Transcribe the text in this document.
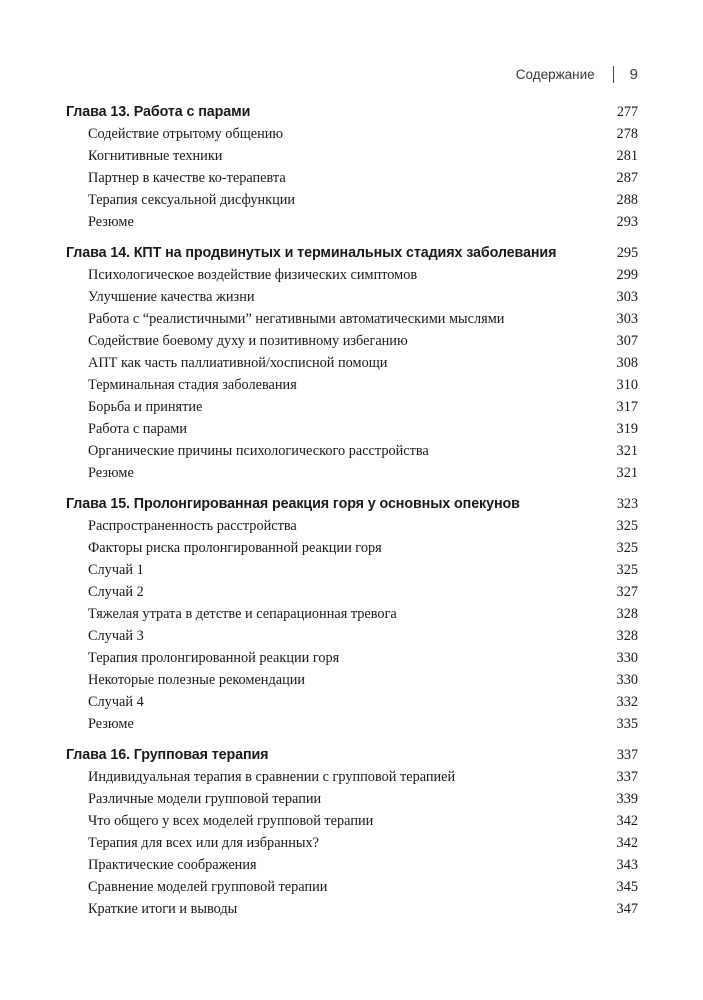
Содержание 9
Глава 13. Работа с парами	277
Содействие отрытому общению	278
Когнитивные техники	281
Партнер в качестве ко-терапевта	287
Терапия сексуальной дисфункции	288
Резюме	293
Глава 14. КПТ на продвинутых и терминальных стадиях заболевания	295
Психологическое воздействие физических симптомов	299
Улучшение качества жизни	303
Работа с “реалистичными” негативными автоматическими мыслями	303
Содействие боевому духу и позитивному избеганию	307
АПТ как часть паллиативной/хосписной помощи	308
Терминальная стадия заболевания	310
Борьба и принятие	317
Работа с парами	319
Органические причины психологического расстройства	321
Резюме	321
Глава 15. Пролонгированная реакция горя у основных опекунов	323
Распространенность расстройства	325
Факторы риска пролонгированной реакции горя	325
Случай 1	325
Случай 2	327
Тяжелая утрата в детстве и сепарационная тревога	328
Случай 3	328
Терапия пролонгированной реакции горя	330
Некоторые полезные рекомендации	330
Случай 4	332
Резюме	335
Глава 16. Групповая терапия	337
Индивидуальная терапия в сравнении с групповой терапией	337
Различные модели групповой терапии	339
Что общего у всех моделей групповой терапии	342
Терапия для всех или для избранных?	342
Практические соображения	343
Сравнение моделей групповой терапии	345
Краткие итоги и выводы	347
